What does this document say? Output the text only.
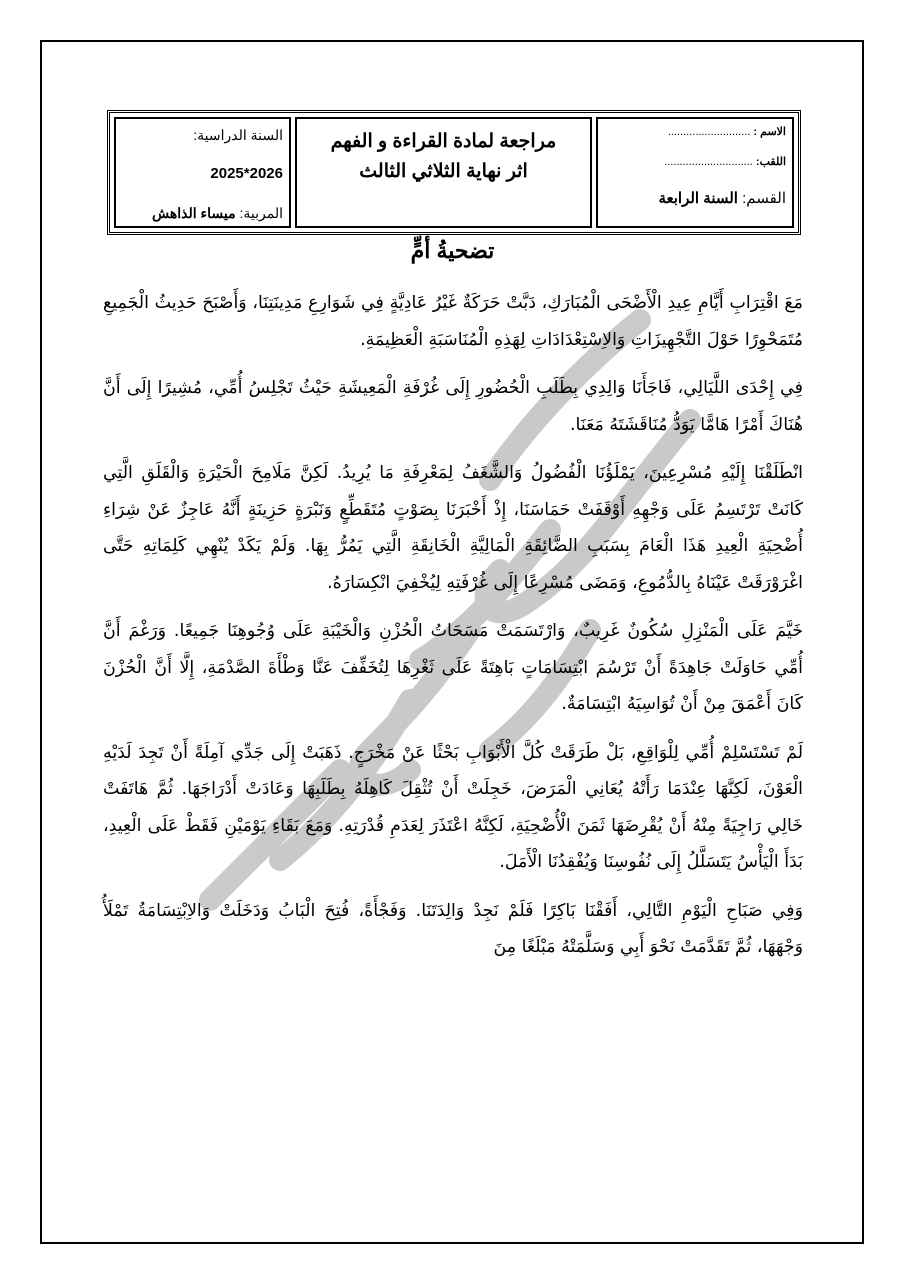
السنة الدراسية:
2026*2025
المربية: ميساء الذاهش
مراجعة لمادة القراءة و الفهم
اثر نهاية الثلاثي الثالث
الاسم : ...........................
اللقب: .............................
القسم: السنة الرابعة
تضحيةُ أمٍّ

مَعَ اقْتِرَابِ أَيَّامِ عِيدِ الْأَضْحَى الْمُبَارَكِ، دَبَّتْ حَرَكَةٌ غَيْرُ عَادِيَّةٍ فِي شَوَارِعِ مَدِينَتِنَا، وَأَصْبَحَ حَدِيثُ الْجَمِيعِ مُتَمَحْوِرًا حَوْلَ التَّجْهِيزَاتِ وَالاِسْتِعْدَادَاتِ لِهَذِهِ الْمُنَاسَبَةِ الْعَظِيمَةِ.

فِي إِحْدَى اللَّيَالِي، فَاجَأَنَا وَالِدِي بِطَلَبِ الْحُضُورِ إِلَى غُرْفَةِ الْمَعِيشَةِ حَيْثُ تَجْلِسُ أُمِّي، مُشِيرًا إِلَى أَنَّ هُنَاكَ أَمْرًا هَامًّا يَوَدُّ مُنَاقَشَتَهُ مَعَنَا.

انْطَلَقْنَا إِلَيْهِ مُسْرِعِينَ، يَمْلَؤُنَا الْفُضُولُ وَالشَّغَفُ لِمَعْرِفَةِ مَا يُرِيدُ. لَكِنَّ مَلَامِحَ الْحَيْرَةِ وَالْقَلَقِ الَّتِي كَانَتْ تَرْتَسِمُ عَلَى وَجْهِهِ أَوْقَفَتْ حَمَاسَنَا، إِذْ أَخْبَرَنَا بِصَوْتٍ مُتَقَطِّعٍ وَنَبْرَةٍ حَزِينَةٍ أَنَّهُ عَاجِزٌ عَنْ شِرَاءِ أُضْحِيَةِ الْعِيدِ هَذَا الْعَامَ بِسَبَبِ الضَّائِقَةِ الْمَالِيَّةِ الْخَانِقَةِ الَّتِي يَمُرُّ بِهَا. وَلَمْ يَكَدْ يُنْهِي كَلِمَاتِهِ حَتَّى اغْرَوْرَقَتْ عَيْنَاهُ بِالدُّمُوعِ، وَمَضَى مُسْرِعًا إِلَى غُرْفَتِهِ لِيُخْفِيَ انْكِسَارَهُ.

خَيَّمَ عَلَى الْمَنْزِلِ سُكُونٌ غَرِيبٌ، وَارْتَسَمَتْ مَسَحَاتُ الْحُزْنِ وَالْخَيْبَةِ عَلَى وُجُوهِنَا جَمِيعًا. وَرَغْمَ أَنَّ أُمِّي حَاوَلَتْ جَاهِدَةً أَنْ تَرْسُمَ ابْتِسَامَاتٍ بَاهِتَةً عَلَى ثَغْرِهَا لِتُخَفِّفَ عَنَّا وَطْأَةَ الصَّدْمَةِ، إِلَّا أَنَّ الْحُزْنَ كَانَ أَعْمَقَ مِنْ أَنْ تُوَاسِيَهُ ابْتِسَامَةٌ.

لَمْ تَسْتَسْلِمْ أُمِّي لِلْوَاقِعِ، بَلْ طَرَقَتْ كُلَّ الْأَبْوَابِ بَحْثًا عَنْ مَخْرَجٍ. ذَهَبَتْ إِلَى جَدِّي آمِلَةً أَنْ تَجِدَ لَدَيْهِ الْعَوْنَ، لَكِنَّهَا عِنْدَمَا رَأَتْهُ يُعَانِي الْمَرَضَ، خَجِلَتْ أَنْ تُثْقِلَ كَاهِلَهُ بِطَلَبِهَا وَعَادَتْ أَدْرَاجَهَا. ثُمَّ هَاتَفَتْ خَالِي رَاجِيَةً مِنْهُ أَنْ يُقْرِضَهَا ثَمَنَ الْأُضْحِيَةِ، لَكِنَّهُ اعْتَذَرَ لِعَدَمِ قُدْرَتِهِ. وَمَعَ بَقَاءِ يَوْمَيْنِ فَقَطْ عَلَى الْعِيدِ، بَدَأَ الْيَأْسُ يَتَسَلَّلُ إِلَى نُفُوسِنَا وَيُفْقِدُنَا الْأَمَلَ.

وَفِي صَبَاحِ الْيَوْمِ التَّالِي، أَفَقْنَا بَاكِرًا فَلَمْ نَجِدْ وَالِدَتَنَا. وَفَجْأَةً، فُتِحَ الْبَابُ وَدَخَلَتْ وَالاِبْتِسَامَةُ تَمْلَأُ وَجْهَهَا، ثُمَّ تَقَدَّمَتْ نَحْوَ أَبِي وَسَلَّمَتْهُ مَبْلَغًا مِنَ
